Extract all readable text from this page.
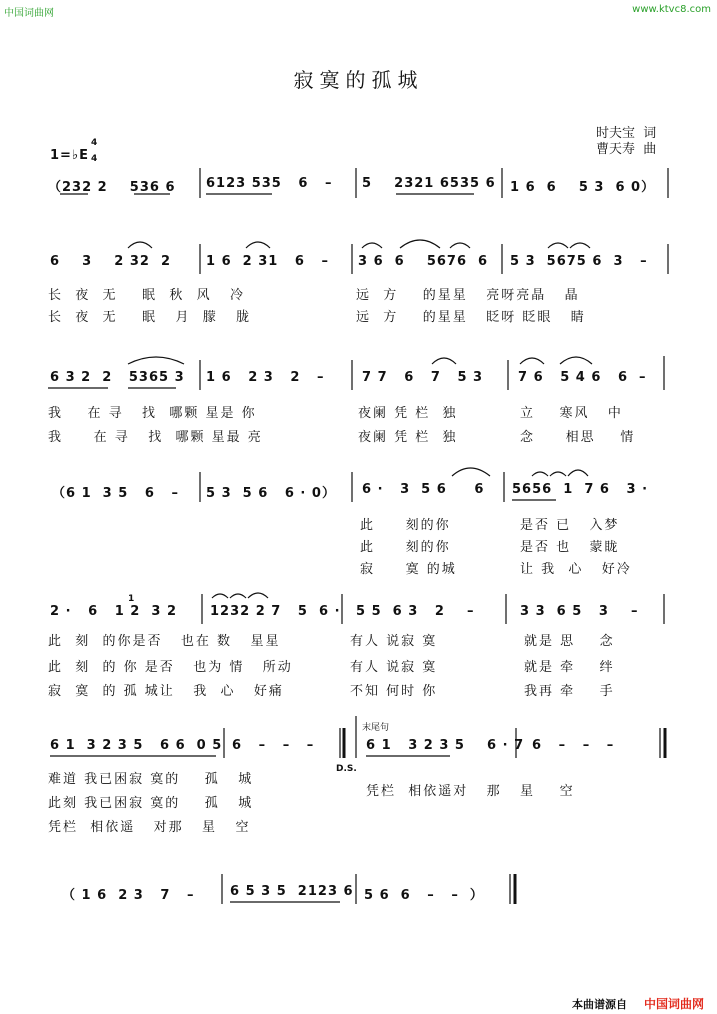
中国词曲网	www.ktvc8.com
寂寞的孤城
时夫宝  词
曹天寿  曲
1=♭E
4
4
（232 2    536 6 6123 535   6   – 5    2321 6535 6 1 6  6    5 3  6 0）
6    3    2 32  2	1 6  2 31   6   – 3 6  6    5676  6 5 3  5675 6  3   –
长  夜  无    眠  秋  风   冷	远  方    的星星   亮呀亮晶   晶
长  夜  无    眠   月  朦   胧	远  方    的星星   眨呀 眨眼   睛
6 3 2  2   5365 3 1 6   2 3   2   –	7 7   6   7   5 3	7 6   5 4 6   6  –
我    在 寻   找  哪颗 星是 你	夜阑 凭 栏  独	立    寒风   中
我     在 寻   找  哪颗 星最 亮	夜阑 凭 栏  独	念     相思    情
（6 1  3 5   6   – 5 3  5 6   6 · 0） 6 ·   3  5 6     6 5656  1  7 6   3 ·
此     刻的你	是否 已   入梦
此     刻的你	是否 也   蒙眬
寂     寞 的城	让 我  心   好冷
2 ·   6   1 2  3 2
1
1232 2 7   5  6 · 5 5  6 3   2    –	3 3  6 5   3    –
此  刻  的你是否   也在 数   星星	有人 说寂 寞	就是 思    念
此  刻  的 你 是否   也为 情   所动	有人 说寂 寞	就是 牵    绊
寂  寞  的 孤 城让   我  心   好痛	不知 何时 你	我再 牵    手
末尾句
6 1  3 2 3 5   6 6  0 5 6   –   –   –	6 1   3 2 3 5    6 · 7 6   –   –   –
D.S.
难道 我已困寂 寞的    孤   城
此刻 我已困寂 寞的    孤   城
凭栏  相依遥   对那   星   空
凭栏  相依遥对   那   星    空
（ 1 6  2 3   7   –	6 5 3 5  2123 6 5 6  6   –   –  ）
本曲谱源自 中国词曲网
